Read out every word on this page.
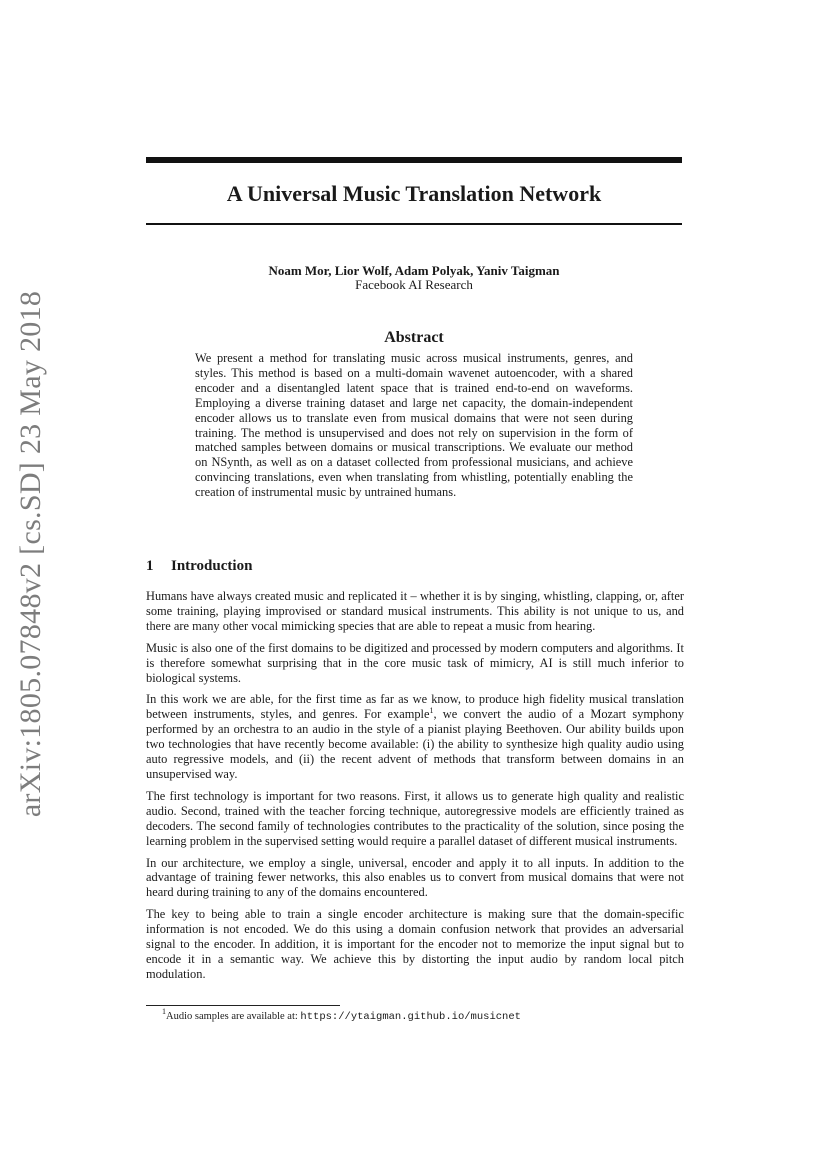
arXiv:1805.07848v2 [cs.SD] 23 May 2018
A Universal Music Translation Network
Noam Mor, Lior Wolf, Adam Polyak, Yaniv Taigman
Facebook AI Research
Abstract
We present a method for translating music across musical instruments, genres, and styles. This method is based on a multi-domain wavenet autoencoder, with a shared encoder and a disentangled latent space that is trained end-to-end on waveforms. Employing a diverse training dataset and large net capacity, the domain-independent encoder allows us to translate even from musical domains that were not seen during training. The method is unsupervised and does not rely on supervision in the form of matched samples between domains or musical transcriptions. We evaluate our method on NSynth, as well as on a dataset collected from professional musicians, and achieve convincing translations, even when translating from whistling, potentially enabling the creation of instrumental music by untrained humans.
1 Introduction

Humans have always created music and replicated it – whether it is by singing, whistling, clapping, or, after some training, playing improvised or standard musical instruments. This ability is not unique to us, and there are many other vocal mimicking species that are able to repeat a music from hearing.

Music is also one of the first domains to be digitized and processed by modern computers and algorithms. It is therefore somewhat surprising that in the core music task of mimicry, AI is still much inferior to biological systems.

In this work we are able, for the first time as far as we know, to produce high fidelity musical translation between instruments, styles, and genres. For example$^1$, we convert the audio of a Mozart symphony performed by an orchestra to an audio in the style of a pianist playing Beethoven. Our ability builds upon two technologies that have recently become available: (i) the ability to synthesize high quality audio using auto regressive models, and (ii) the recent advent of methods that transform between domains in an unsupervised way.

The first technology is important for two reasons. First, it allows us to generate high quality and realistic audio. Second, trained with the teacher forcing technique, autoregressive models are efficiently trained as decoders. The second family of technologies contributes to the practicality of the solution, since posing the learning problem in the supervised setting would require a parallel dataset of different musical instruments.

In our architecture, we employ a single, universal, encoder and apply it to all inputs. In addition to the advantage of training fewer networks, this also enables us to convert from musical domains that were not heard during training to any of the domains encountered.

The key to being able to train a single encoder architecture is making sure that the domain-specific information is not encoded. We do this using a domain confusion network that provides an adversarial signal to the encoder. In addition, it is important for the encoder not to memorize the input signal but to encode it in a semantic way. We achieve this by distorting the input audio by random local pitch modulation.

$^1$Audio samples are available at: https://ytaigman.github.io/musicnet
